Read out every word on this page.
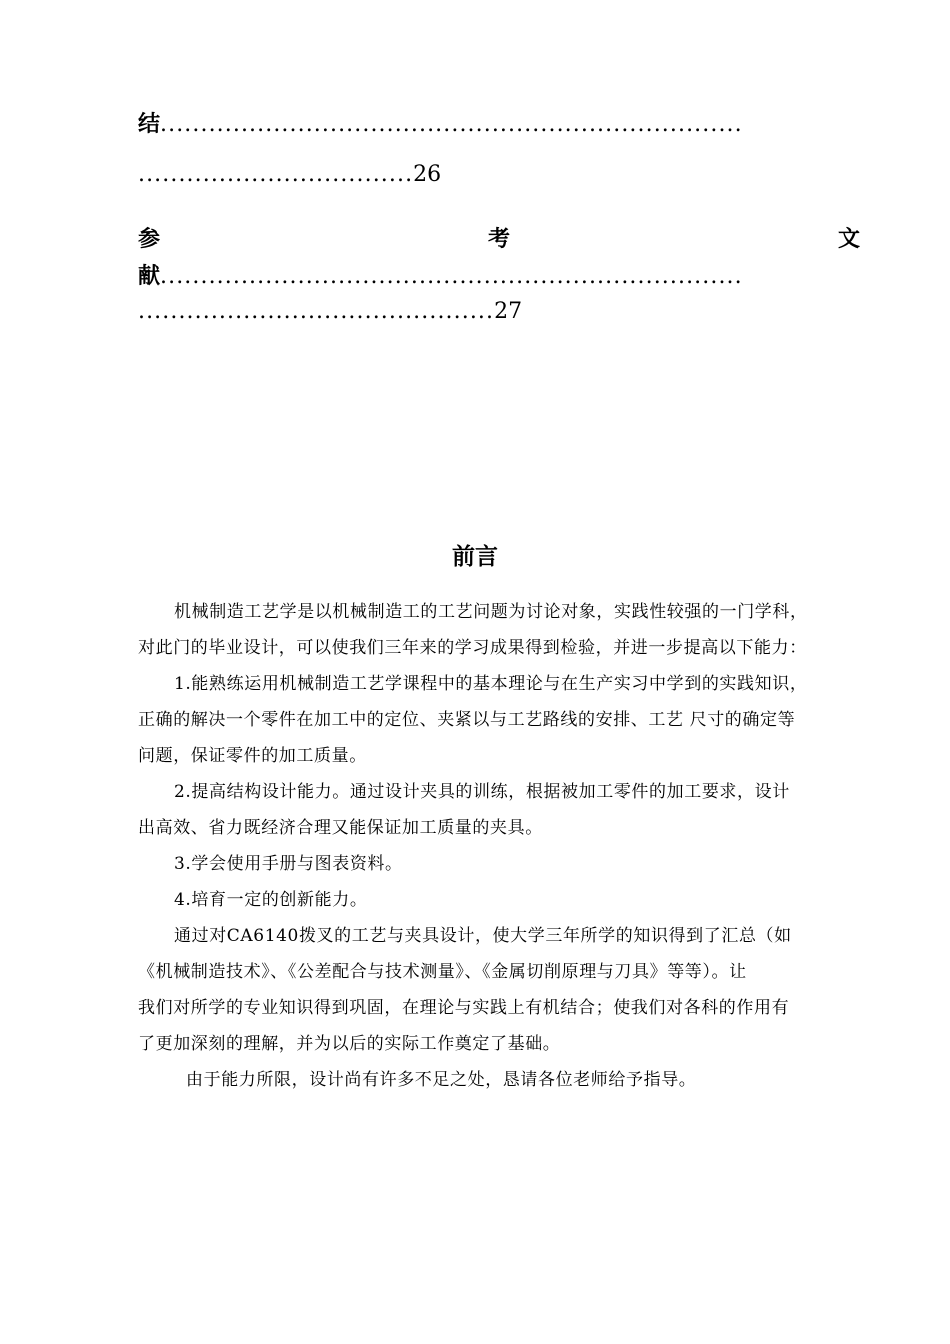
结........................................................................
..................................26
参	考	文
献........................................................................
............................................27
前言
机械制造工艺学是以机械制造工的工艺问题为讨论对象，实践性较强的一门学科，
对此门的毕业设计，可以使我们三年来的学习成果得到检验，并进一步提高以下能力：
1.能熟练运用机械制造工艺学课程中的基本理论与在生产实习中学到的实践知识，
正确的解决一个零件在加工中的定位、夹紧以与工艺路线的安排、工艺 尺寸的确定等
问题，保证零件的加工质量。
2.提高结构设计能力。通过设计夹具的训练，根据被加工零件的加工要求，设计
出高效、省力既经济合理又能保证加工质量的夹具。
3.学会使用手册与图表资料。
4.培育一定的创新能力。
通过对CA6140拨叉的工艺与夹具设计，使大学三年所学的知识得到了汇总（如
《机械制造技术》、《公差配合与技术测量》、《金属切削原理与刀具》等等）。让
我们对所学的专业知识得到巩固，在理论与实践上有机结合；使我们对各科的作用有
了更加深刻的理解，并为以后的实际工作奠定了基础。
由于能力所限，设计尚有许多不足之处，恳请各位老师给予指导。
